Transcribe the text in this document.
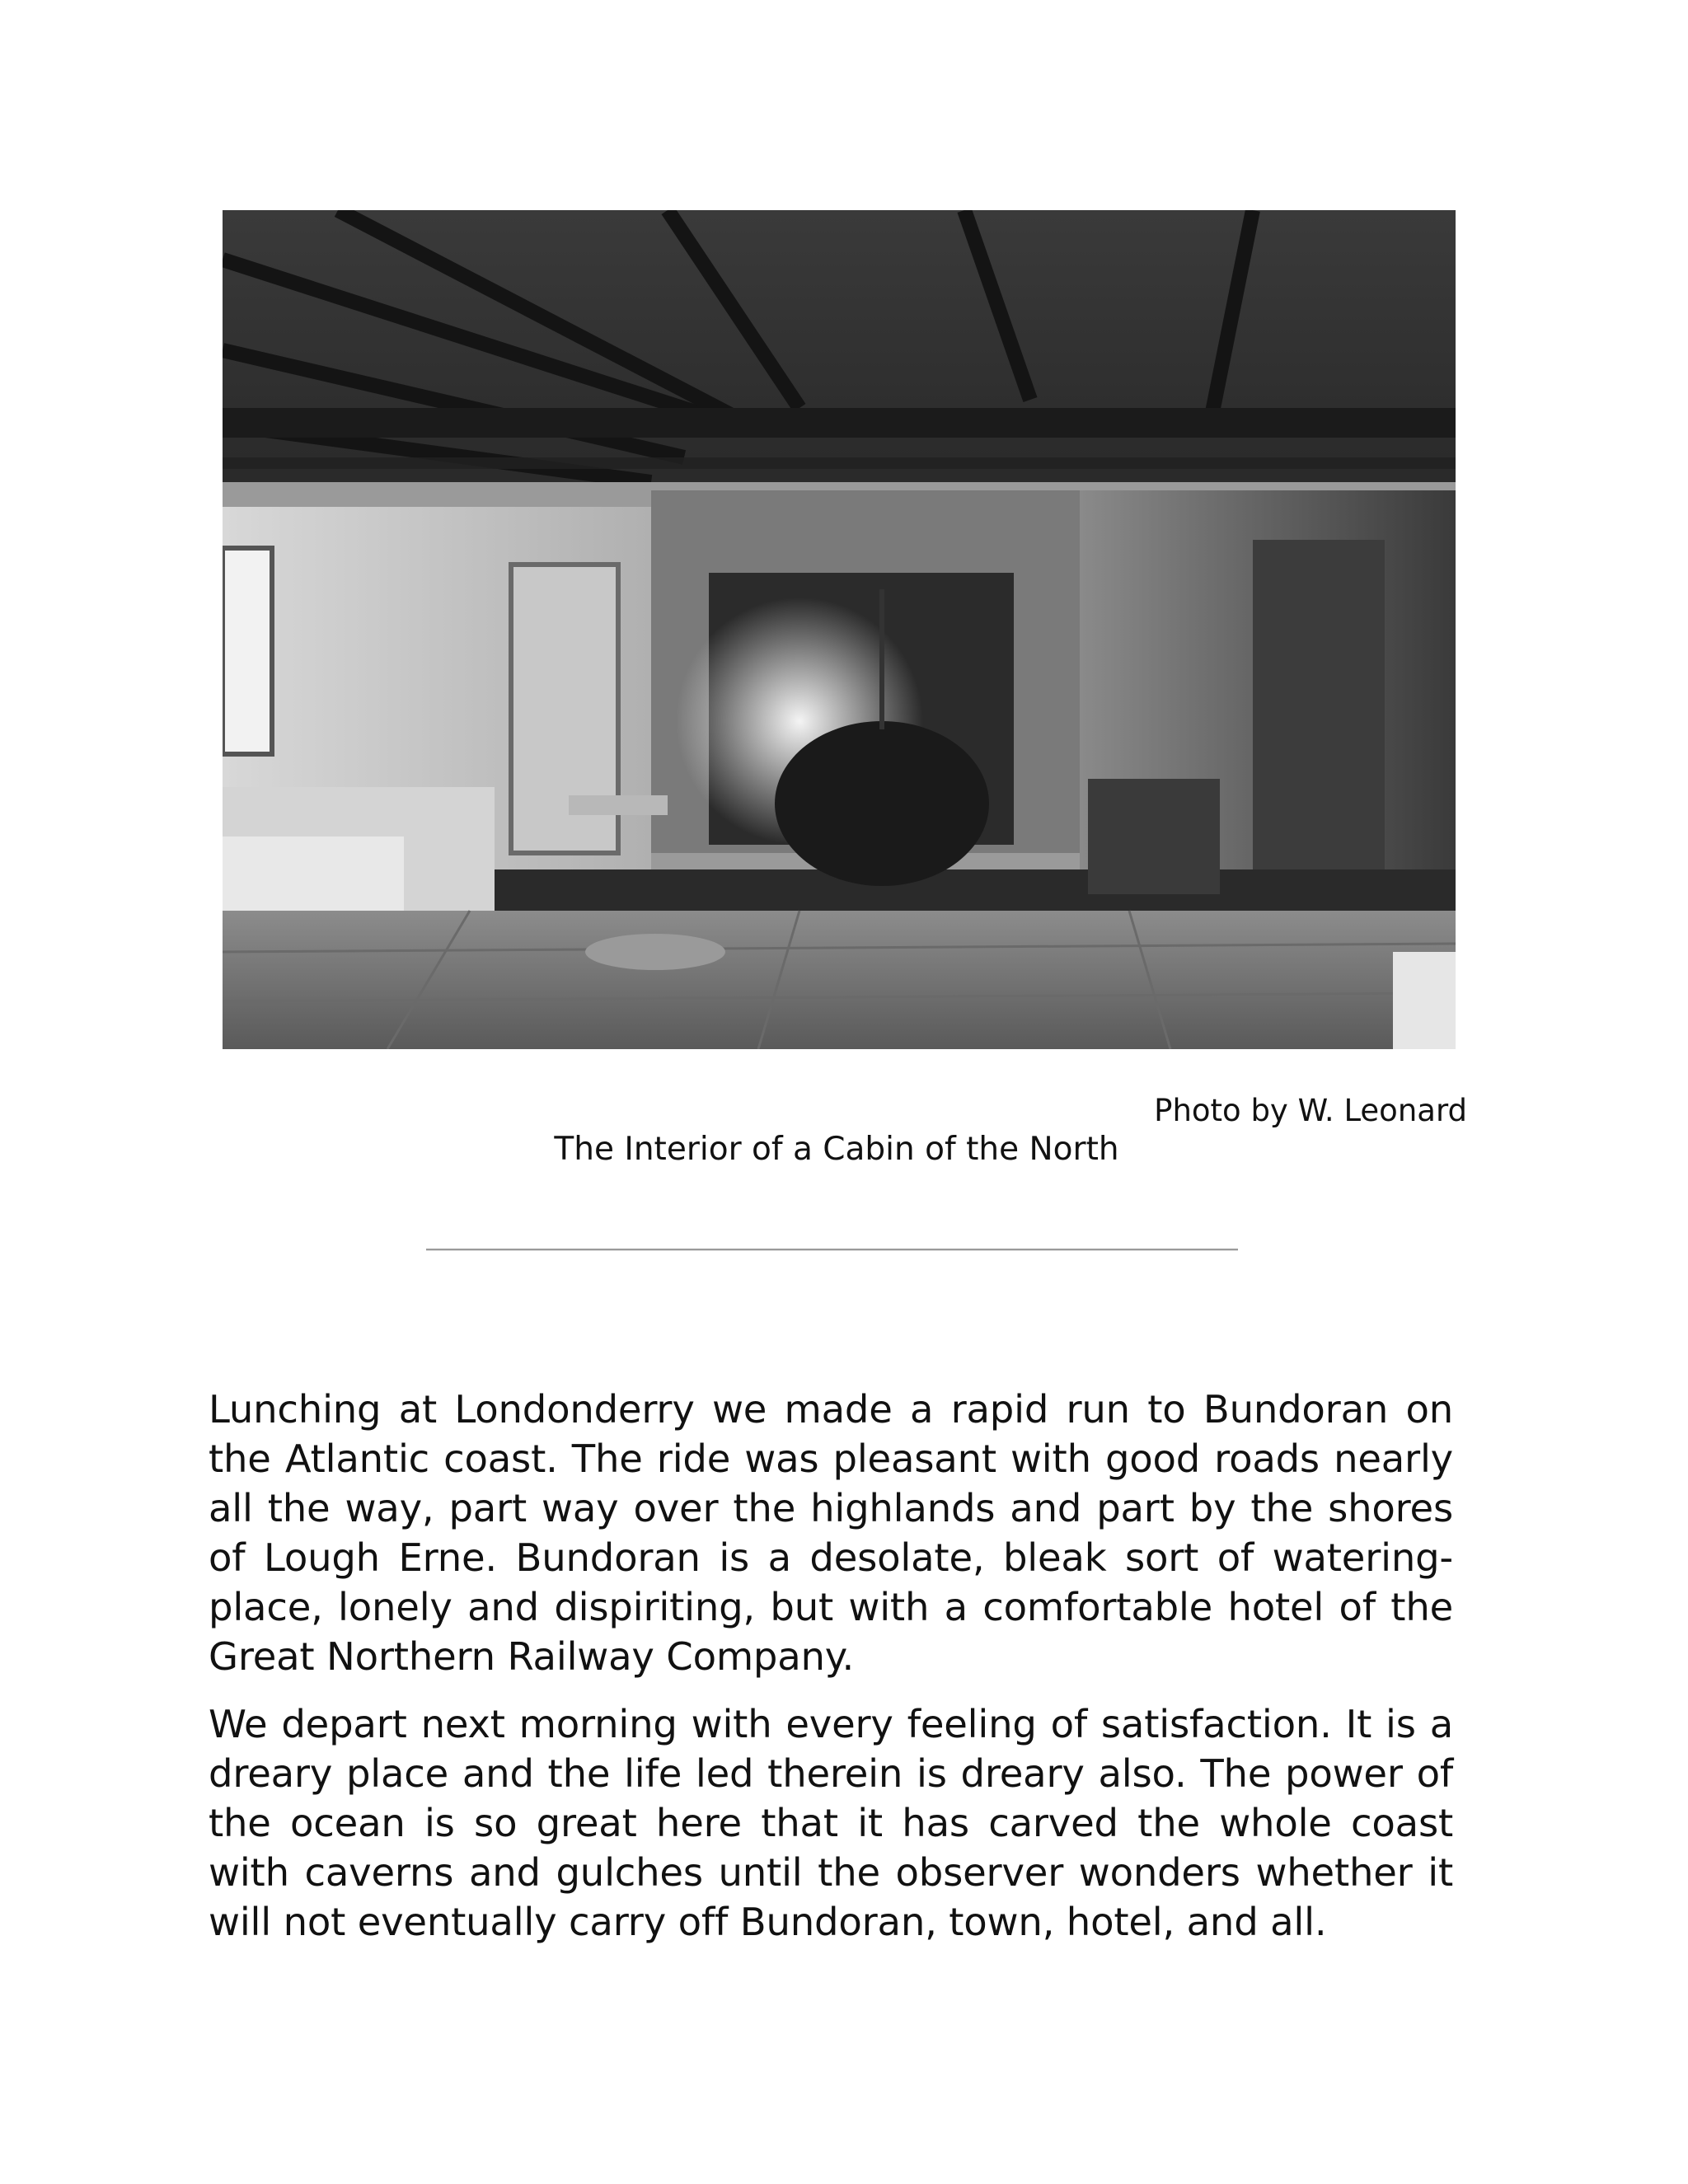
Photo by W. Leonard
The Interior of a Cabin of the North

Lunching at Londonderry we made a rapid run to Bundoran on the Atlantic coast. The ride was pleasant with good roads nearly all the way, part way over the highlands and part by the shores of Lough Erne. Bundoran is a desolate, bleak sort of watering-place, lonely and dispiriting, but with a comfortable hotel of the Great Northern Railway Company.

We depart next morning with every feeling of satisfaction. It is a dreary place and the life led therein is dreary also. The power of the ocean is so great here that it has carved the whole coast with caverns and gulches until the observer wonders whether it will not eventually carry off Bundoran, town, hotel, and all.
